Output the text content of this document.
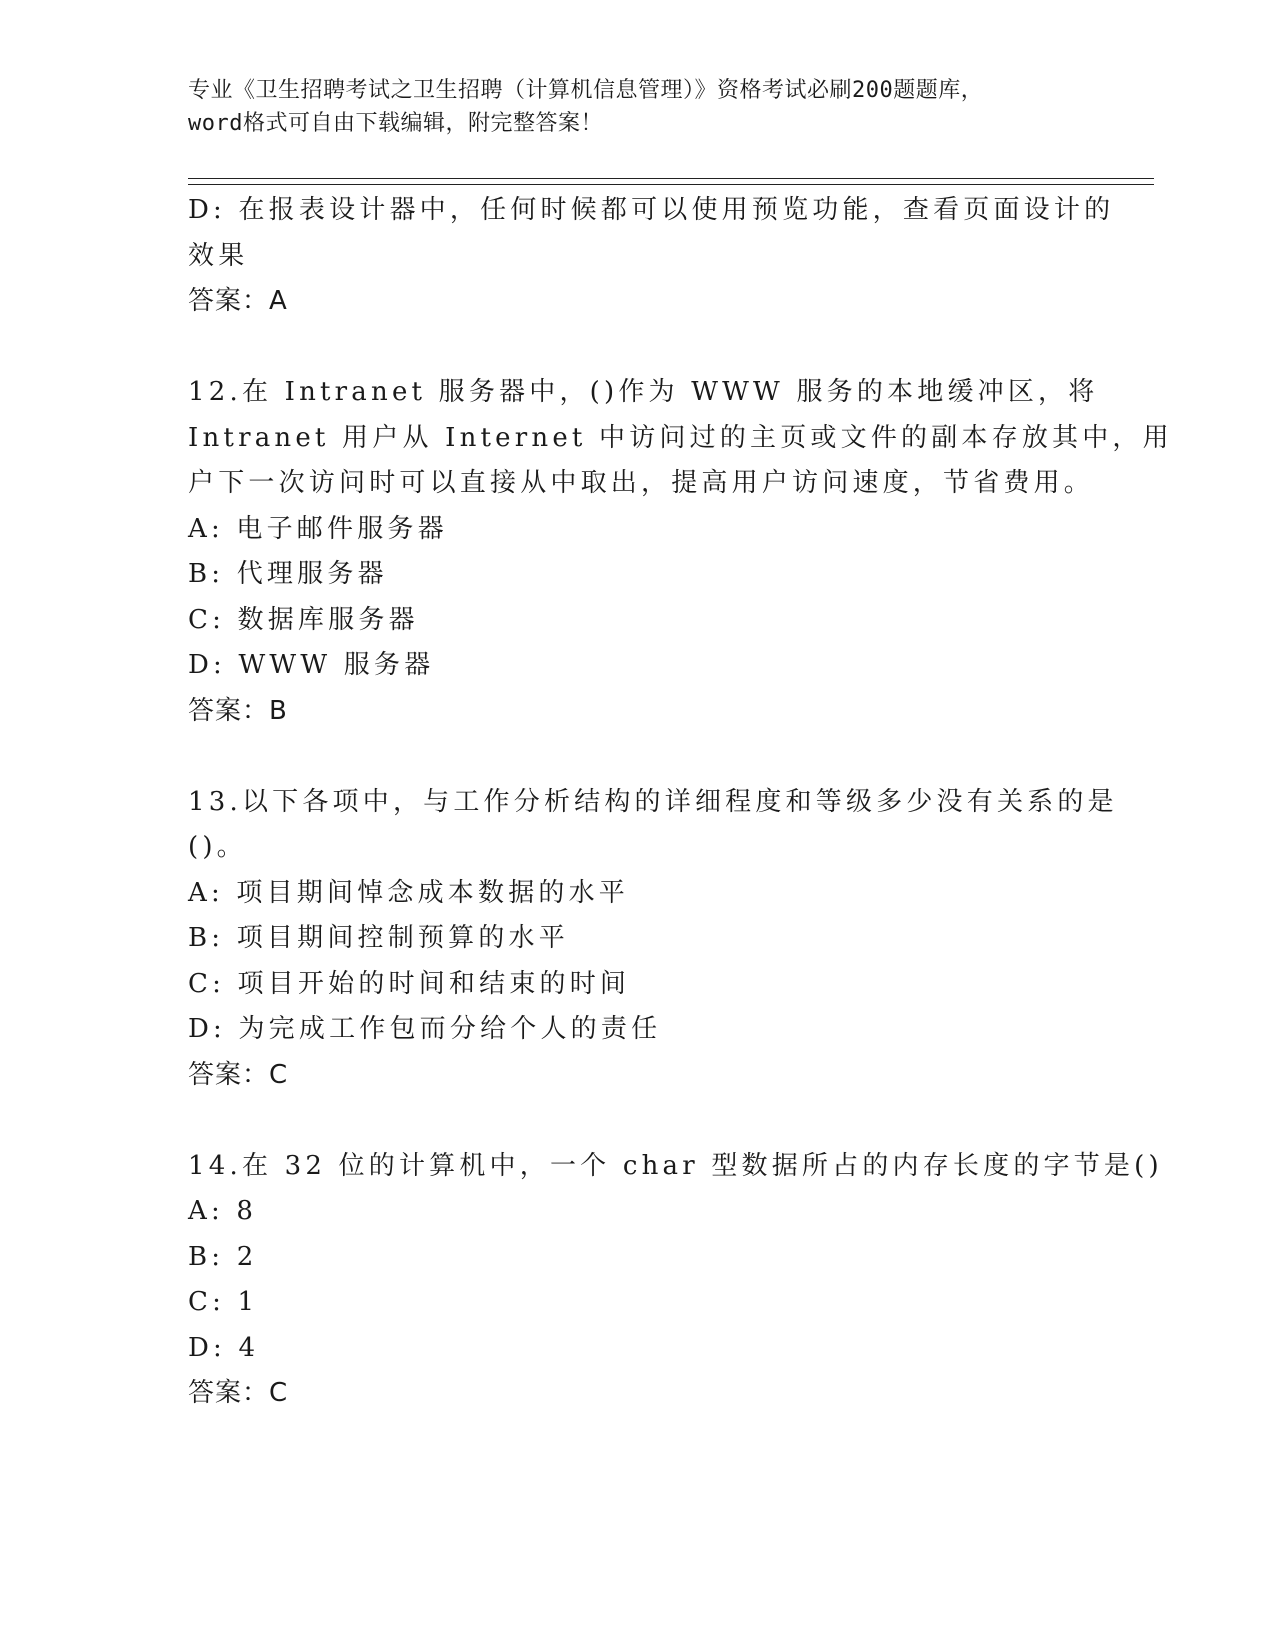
专业《卫生招聘考试之卫生招聘（计算机信息管理）》资格考试必刷200题题库，
word格式可自由下载编辑，附完整答案！
D: 在报表设计器中，任何时候都可以使用预览功能，查看页面设计的
效果
答案：A
12.在 Intranet 服务器中，()作为 WWW 服务的本地缓冲区，将
Intranet 用户从 Internet 中访问过的主页或文件的副本存放其中，用
户下一次访问时可以直接从中取出，提高用户访问速度，节省费用。
A: 电子邮件服务器
B: 代理服务器
C: 数据库服务器
D: WWW 服务器
答案：B
13.以下各项中，与工作分析结构的详细程度和等级多少没有关系的是
()。
A: 项目期间悼念成本数据的水平
B: 项目期间控制预算的水平
C: 项目开始的时间和结束的时间
D: 为完成工作包而分给个人的责任
答案：C
14.在 32 位的计算机中，一个 char 型数据所占的内存长度的字节是()
A: 8
B: 2
C: 1
D: 4
答案：C
